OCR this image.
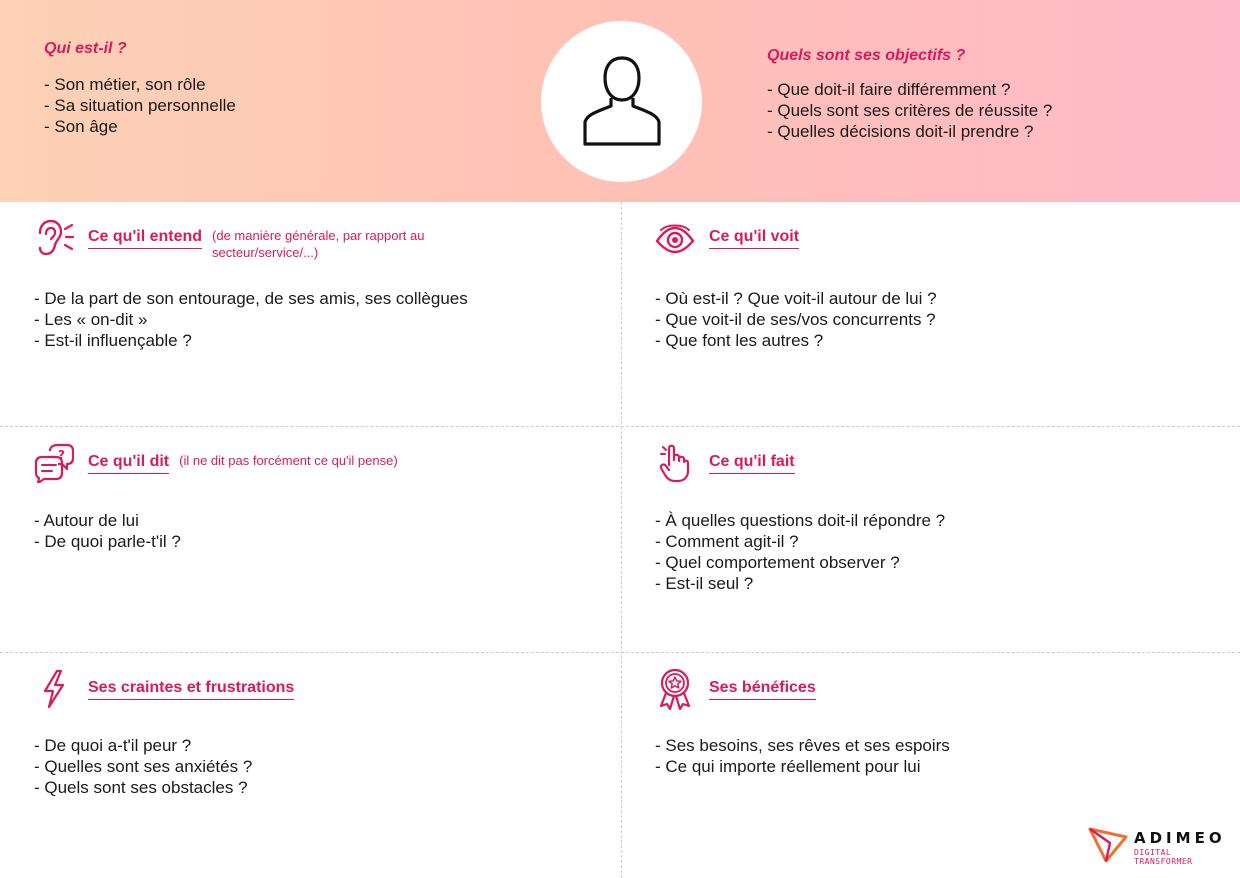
Qui est-il ?
- Son métier, son rôle
- Sa situation personnelle
- Son âge
Quels sont ses objectifs ?
- Que doit-il faire différemment ?
- Quels sont ses critères de réussite ?
- Quelles décisions doit-il prendre ?
Ce qu'il entend (de manière générale, par rapport au secteur/service/...)
- De la part de son entourage, de ses amis, ses collègues
- Les « on-dit »
- Est-il influençable ?
Ce qu'il voit
- Où est-il ? Que voit-il autour de lui ?
- Que voit-il de ses/vos concurrents ?
- Que font les autres ?
? Ce qu'il dit (il ne dit pas forcément ce qu'il pense)
- Autour de lui
- De quoi parle-t'il ?
Ce qu'il fait
- À quelles questions doit-il répondre ?
- Comment agit-il ?
- Quel comportement observer ?
- Est-il seul ?
Ses craintes et frustrations
- De quoi a-t'il peur ?
- Quelles sont ses anxiétés ?
- Quels sont ses obstacles ?
Ses bénéfices
- Ses besoins, ses rêves et ses espoirs
- Ce qui importe réellement pour lui
ADIMEO
DIGITAL TRANSFORMER
